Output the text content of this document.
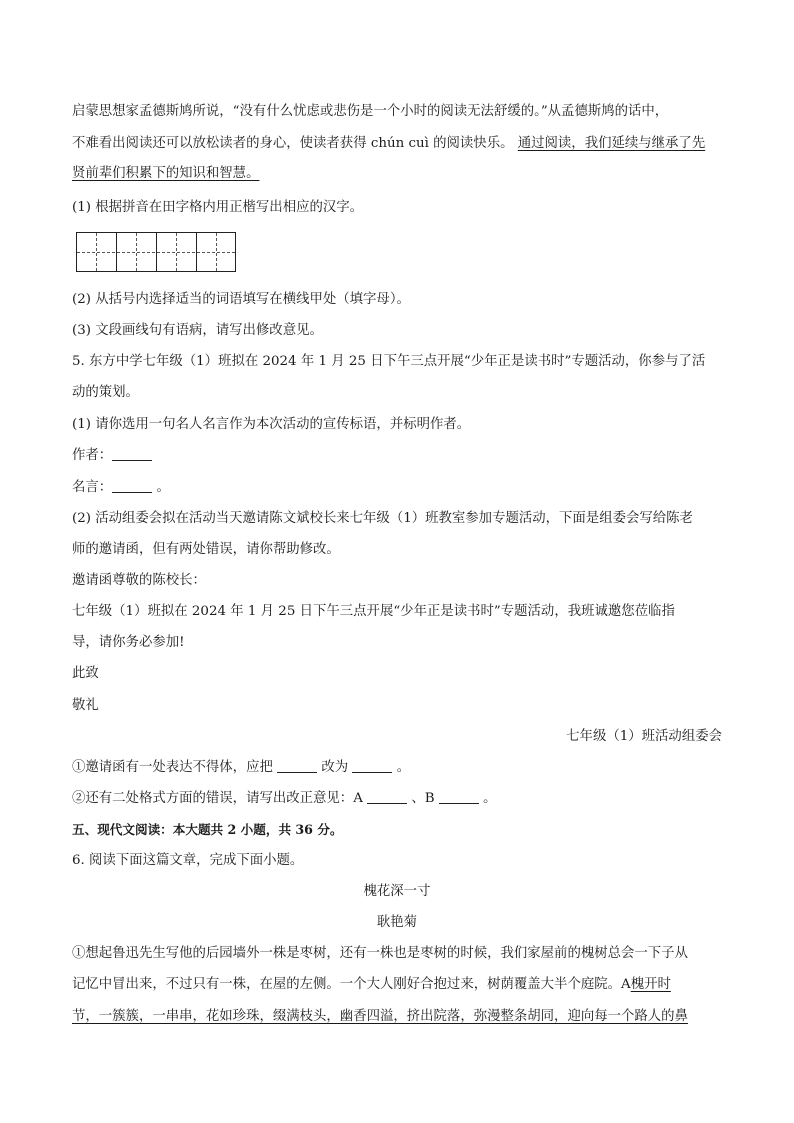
启蒙思想家孟德斯鸠所说，“没有什么忧虑或悲伤是一个小时的阅读无法舒缓的。”从孟德斯鸠的话中，
不难看出阅读还可以放松读者的身心，使读者获得 chún cuì 的阅读快乐。 通过阅读，我们延续与继承了先
贤前辈们积累下的知识和智慧。
(1) 根据拼音在田字格内用正楷写出相应的汉字。
(2) 从括号内选择适当的词语填写在横线甲处（填字母）。
(3) 文段画线句有语病，请写出修改意见。
5. 东方中学七年级（1）班拟在 2024 年 1 月 25 日下午三点开展“少年正是读书时”专题活动，你参与了活
动的策划。
(1) 请你选用一句名人名言作为本次活动的宣传标语，并标明作者。
作者：
名言：	。
(2) 活动组委会拟在活动当天邀请陈文斌校长来七年级（1）班教室参加专题活动，下面是组委会写给陈老
师的邀请函，但有两处错误，请你帮助修改。
邀请函尊敬的陈校长：
七年级（1）班拟在 2024 年 1 月 25 日下午三点开展“少年正是读书时”专题活动，我班诚邀您莅临指
导，请你务必参加!
此致
敬礼
七年级（1）班活动组委会
①邀请函有一处表达不得体，应把	改为	。
②还有二处格式方面的错误，请写出改正意见：A	、B	。
五、现代文阅读：本大题共 2 小题，共 36 分。
6. 阅读下面这篇文章，完成下面小题。
槐花深一寸
耿艳菊
①想起鲁迅先生写他的后园墙外一株是枣树，还有一株也是枣树的时候，我们家屋前的槐树总会一下子从
记忆中冒出来，不过只有一株，在屋的左侧。一个大人刚好合抱过来，树荫覆盖大半个庭院。A槐开时
节，一簇簇，一串串，花如珍珠，缀满枝头，幽香四溢，挤出院落，弥漫整条胡同，迎向每一个路人的鼻
